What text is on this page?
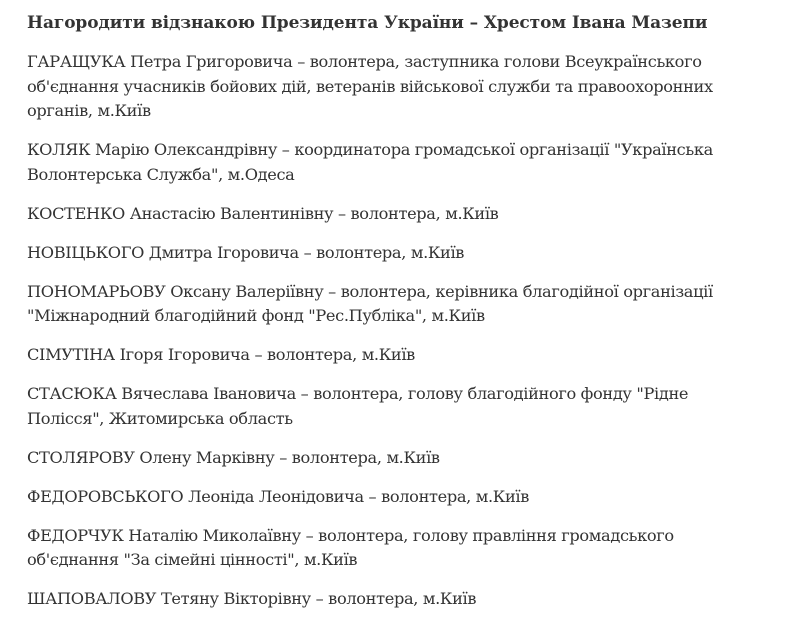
Нагородити відзнакою Президента України – Хрестом Івана Мазепи

ГАРАЩУКА Петра Григоровича – волонтера, заступника голови Всеукраїнського об'єднання учасників бойових дій, ветеранів військової служби та правоохоронних органів, м.Київ

КОЛЯК Марію Олександрівну – координатора громадської організації "Українська Волонтерська Служба", м.Одеса

КОСТЕНКО Анастасію Валентинівну – волонтера, м.Київ

НОВІЦЬКОГО Дмитра Ігоровича – волонтера, м.Київ

ПОНОМАРЬОВУ Оксану Валеріївну – волонтера, керівника благодійної організації "Міжнародний благодійний фонд "Рес.Публіка", м.Київ

СІМУТІНА Ігоря Ігоровича – волонтера, м.Київ

СТАСЮКА Вячеслава Івановича – волонтера, голову благодійного фонду "Рідне Полісся", Житомирська область

СТОЛЯРОВУ Олену Марківну – волонтера, м.Київ

ФЕДОРОВСЬКОГО Леоніда Леонідовича – волонтера, м.Київ

ФЕДОРЧУК Наталію Миколаївну – волонтера, голову правління громадського об'єднання "За сімейні цінності", м.Київ

ШАПОВАЛОВУ Тетяну Вікторівну – волонтера, м.Київ
